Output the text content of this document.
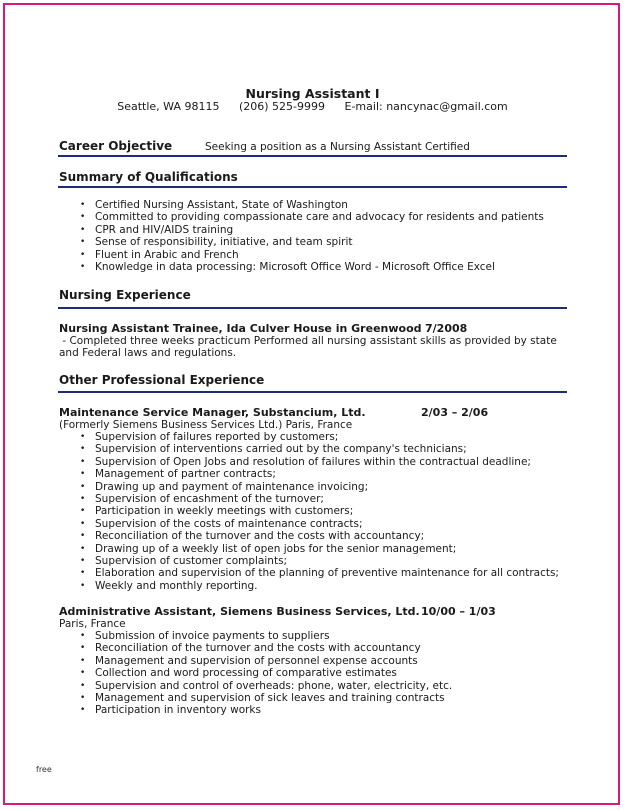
Nursing Assistant I
Seattle, WA 98115 (206) 525-9999 E-mail: nancynac@gmail.com
Career Objective	Seeking a position as a Nursing Assistant Certified
Summary of Qualifications
• Certified Nursing Assistant, State of Washington
• Committed to providing compassionate care and advocacy for residents and patients
• CPR and HIV/AIDS training
• Sense of responsibility, initiative, and team spirit
• Fluent in Arabic and French
• Knowledge in data processing: Microsoft Office Word - Microsoft Office Excel
Nursing Experience
Nursing Assistant Trainee, Ida Culver House in Greenwood 7/2008
- Completed three weeks practicum Performed all nursing assistant skills as provided by state
and Federal laws and regulations.
Other Professional Experience
Maintenance Service Manager, Substancium, Ltd.	2/03 – 2/06
(Formerly Siemens Business Services Ltd.) Paris, France
• Supervision of failures reported by customers;
• Supervision of interventions carried out by the company's technicians;
• Supervision of Open Jobs and resolution of failures within the contractual deadline;
• Management of partner contracts;
• Drawing up and payment of maintenance invoicing;
• Supervision of encashment of the turnover;
• Participation in weekly meetings with customers;
• Supervision of the costs of maintenance contracts;
• Reconciliation of the turnover and the costs with accountancy;
• Drawing up of a weekly list of open jobs for the senior management;
• Supervision of customer complaints;
• Elaboration and supervision of the planning of preventive maintenance for all contracts;
• Weekly and monthly reporting.
Administrative Assistant, Siemens Business Services, Ltd. 10/00 – 1/03
Paris, France
• Submission of invoice payments to suppliers
• Reconciliation of the turnover and the costs with accountancy
• Management and supervision of personnel expense accounts
• Collection and word processing of comparative estimates
• Supervision and control of overheads: phone, water, electricity, etc.
• Management and supervision of sick leaves and training contracts
• Participation in inventory works
free
